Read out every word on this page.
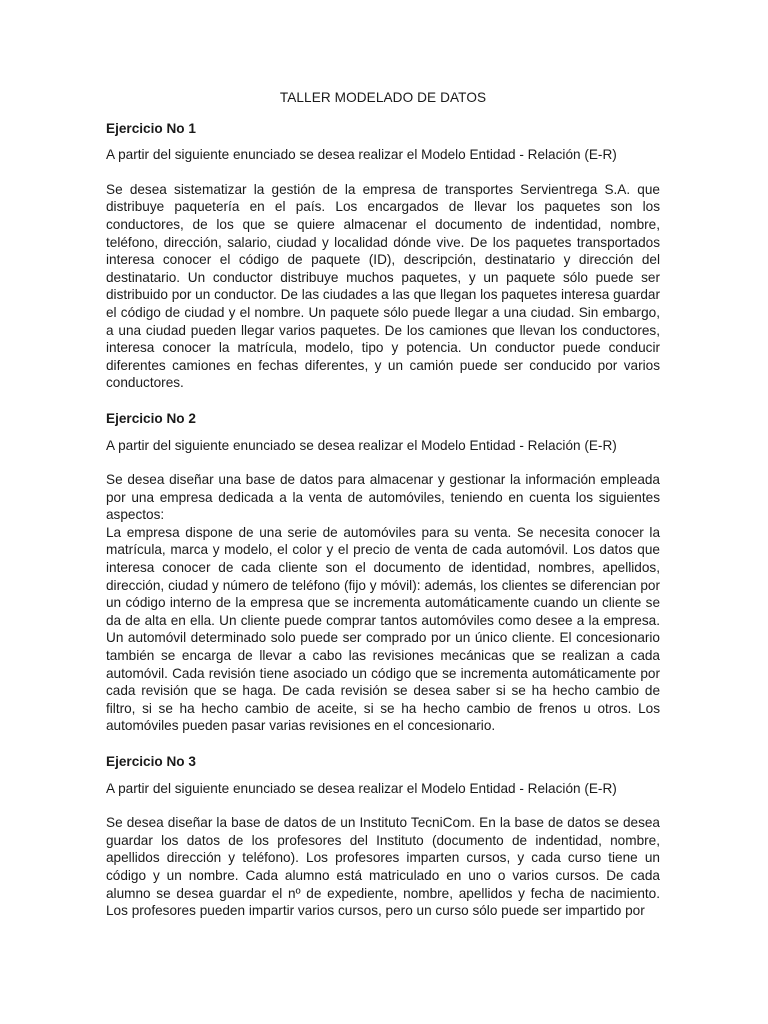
TALLER MODELADO DE DATOS
Ejercicio No 1
A partir del siguiente enunciado se desea realizar el Modelo Entidad - Relación (E-R)

Se desea sistematizar la gestión de la empresa de transportes Servientrega S.A. que distribuye paquetería en el país. Los encargados de llevar los paquetes son los conductores, de los que se quiere almacenar el documento de indentidad, nombre, teléfono, dirección, salario, ciudad y localidad dónde vive. De los paquetes transportados interesa conocer el código de paquete (ID), descripción, destinatario y dirección del destinatario. Un conductor distribuye muchos paquetes, y un paquete sólo puede ser distribuido por un conductor. De las ciudades a las que llegan los paquetes interesa guardar el código de ciudad y el nombre. Un paquete sólo puede llegar a una ciudad. Sin embargo, a una ciudad pueden llegar varios paquetes. De los camiones que llevan los conductores, interesa conocer la matrícula, modelo, tipo y potencia. Un conductor puede conducir diferentes camiones en fechas diferentes, y un camión puede ser conducido por varios conductores.

Ejercicio No 2
A partir del siguiente enunciado se desea realizar el Modelo Entidad - Relación (E-R)

Se desea diseñar una base de datos para almacenar y gestionar la información empleada por una empresa dedicada a la venta de automóviles, teniendo en cuenta los siguientes aspectos:

La empresa dispone de una serie de automóviles para su venta. Se necesita conocer la matrícula, marca y modelo, el color y el precio de venta de cada automóvil. Los datos que interesa conocer de cada cliente son el documento de identidad, nombres, apellidos, dirección, ciudad y número de teléfono (fijo y móvil): además, los clientes se diferencian por un código interno de la empresa que se incrementa automáticamente cuando un cliente se da de alta en ella. Un cliente puede comprar tantos automóviles como desee a la empresa. Un automóvil determinado solo puede ser comprado por un único cliente. El concesionario también se encarga de llevar a cabo las revisiones mecánicas que se realizan a cada automóvil. Cada revisión tiene asociado un código que se incrementa automáticamente por cada revisión que se haga. De cada revisión se desea saber si se ha hecho cambio de filtro, si se ha hecho cambio de aceite, si se ha hecho cambio de frenos u otros. Los automóviles pueden pasar varias revisiones en el concesionario.

Ejercicio No 3
A partir del siguiente enunciado se desea realizar el Modelo Entidad - Relación (E-R)

Se desea diseñar la base de datos de un Instituto TecniCom. En la base de datos se desea guardar los datos de los profesores del Instituto (documento de indentidad, nombre, apellidos dirección y teléfono). Los profesores imparten cursos, y cada curso tiene un código y un nombre. Cada alumno está matriculado en uno o varios cursos. De cada alumno se desea guardar el nº de expediente, nombre, apellidos y fecha de nacimiento. Los profesores pueden impartir varios cursos, pero un curso sólo puede ser impartido por
